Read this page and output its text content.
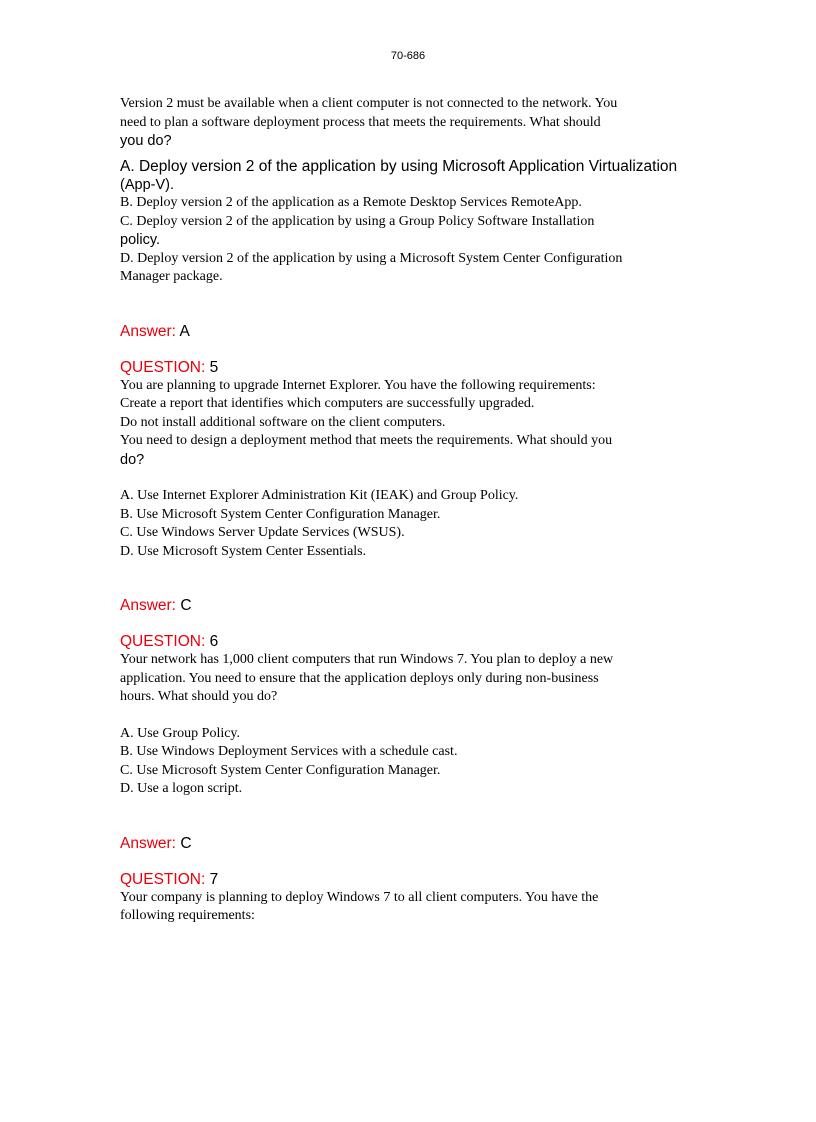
70-686

Version 2 must be available when a client computer is not connected to the network. You

need to plan a software deployment process that meets the requirements. What should

you do?

A. Deploy version 2 of the application by using Microsoft Application Virtualization

(App-V).

B. Deploy version 2 of the application as a Remote Desktop Services RemoteApp.

C. Deploy version 2 of the application by using a Group Policy Software Installation

policy.

D. Deploy version 2 of the application by using a Microsoft System Center Configuration

Manager package.

Answer: A

QUESTION: 5

You are planning to upgrade Internet Explorer. You have the following requirements:

Create a report that identifies which computers are successfully upgraded.

Do not install additional software on the client computers.

You need to design a deployment method that meets the requirements. What should you

do?

A. Use Internet Explorer Administration Kit (IEAK) and Group Policy.

B. Use Microsoft System Center Configuration Manager.

C. Use Windows Server Update Services (WSUS).

D. Use Microsoft System Center Essentials.

Answer: C

QUESTION: 6

Your network has 1,000 client computers that run Windows 7. You plan to deploy a new

application. You need to ensure that the application deploys only during non-business

hours. What should you do?

A. Use Group Policy.

B. Use Windows Deployment Services with a schedule cast.

C. Use Microsoft System Center Configuration Manager.

D. Use a logon script.

Answer: C

QUESTION: 7

Your company is planning to deploy Windows 7 to all client computers. You have the

following requirements:
